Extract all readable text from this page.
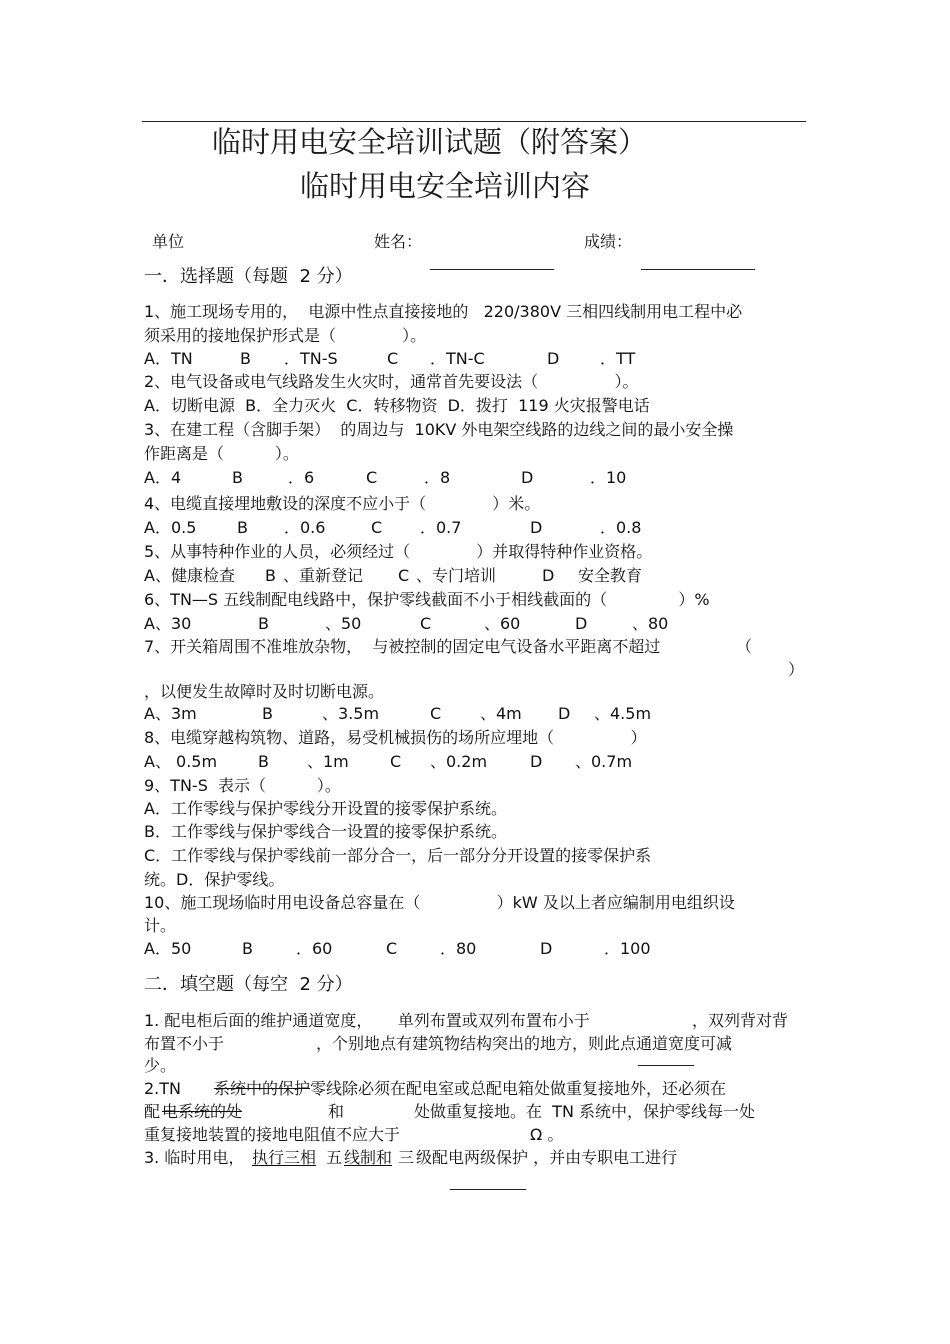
临时用电安全培训试题（附答案）
临时用电安全培训内容
单位	姓名：	成绩：
一．选择题（每题  2 分）
1、施工现场专用的，  电源中性点直接接地的   220/380V 三相四线制用电工程中必
须采用的接地保护形式是（             ）。
A．TN	B ．TN-S	C ．TN-C	D	．TT
2、电气设备或电气线路发生火灾时，通常首先要设法（               ）。
A．切断电源  B．全力灭火  C．转移物资  D．拨打  119 火灾报警电话
3、在建工程（含脚手架）  的周边与  10KV 外电架空线路的边线之间的最小安全操
作距离是（          ）。
A．4	B	．6	C	．8	D	．10
4、电缆直接埋地敷设的深度不应小于（             ）米。
A．0.5	B ．0.6	C ．0.7	D	．0.8
5、从事特种作业的人员，必须经过（             ）并取得特种作业资格。
A、健康检查 B 、重新登记 C 、专门培训	D 安全教育
6、TN—S 五线制配电线路中，保护零线截面不小于相线截面的（              ）%
A、30	B	、50	C	、60	D	、80
7、开关箱周围不准堆放杂物，  与被控制的固定电气设备水平距离不超过	（
）
，以便发生故障时及时切断电源。
A、3m	B	、3.5m	C 、4m D 、4.5m
8、电缆穿越构筑物、道路，易受机械损伤的场所应埋地（               ）
A、 0.5m	B 、1m	C 、0.2m	D 、0.7m
9、TN-S  表示（          ）。
A．工作零线与保护零线分开设置的接零保护系统。
B．工作零线与保护零线合一设置的接零保护系统。
C．工作零线与保护零线前一部分合一，后一部分分开设置的接零保护系
统。D．保护零线。
10、施工现场临时用电设备总容量在（               ）kW 及以上者应编制用电组织设
计。
A．50	B	．60	C	．80	D	．100
二．填空题（每空  2 分）
1. 配电柜后面的维护通道宽度，     单列布置或双列布置布小于	，双列背对背
布置不小于	，个别地点有建筑物结构突出的地方，则此点通道宽度可减
少。
2.TN 系统中的保护 零线除必须在配电室或总配电箱处做重复接地外，还必须在
配 电系统的处	和	处做重复接地。在  TN 系统中，保护零线每一处
重复接地装置的接地电阻值不应大于	Ω 。
3. 临时用电， 执行三相 五 线制和 三 级配电两级保护 ，并由专职电工进行
